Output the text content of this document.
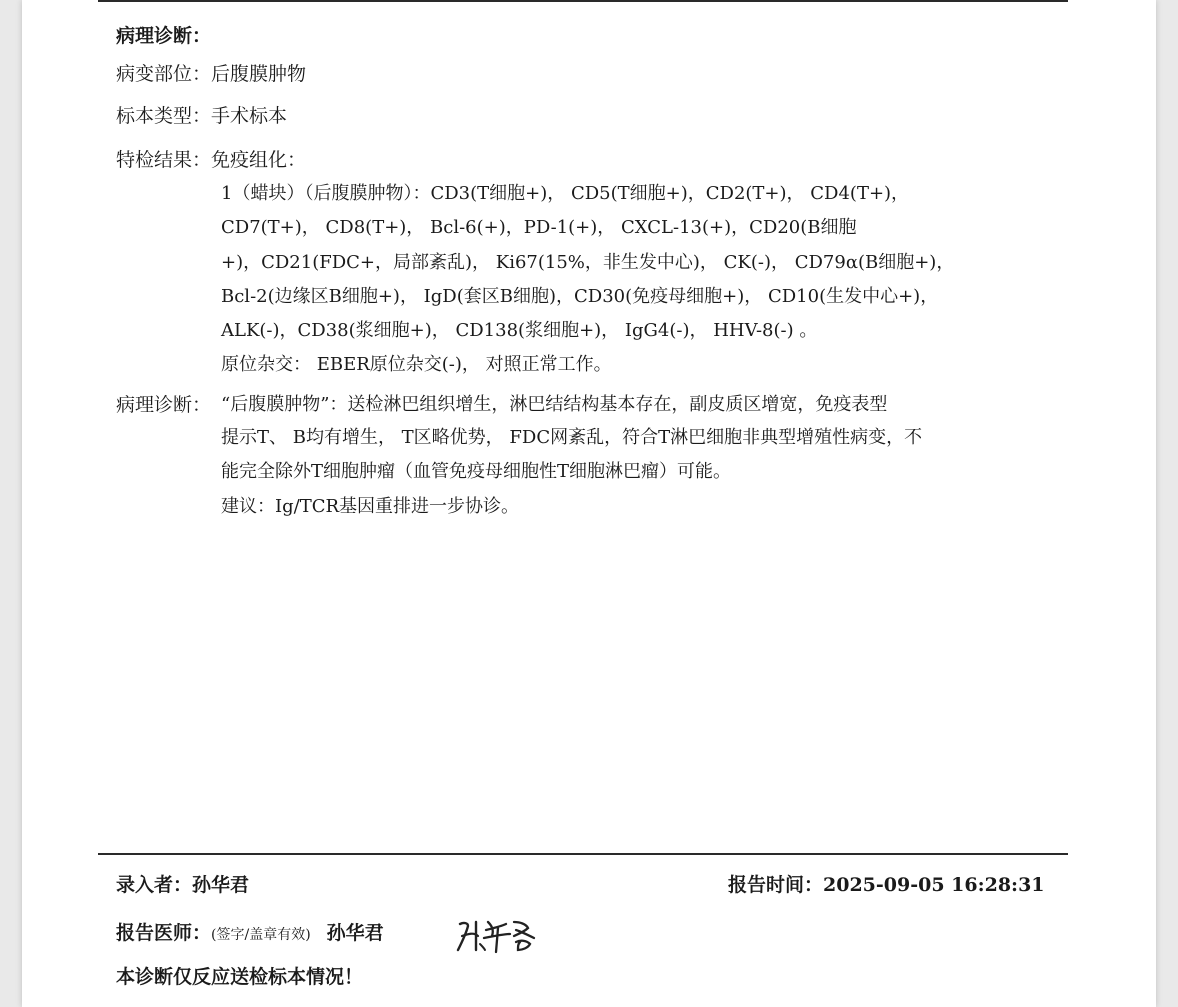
病理诊断：
病变部位：后腹膜肿物
标本类型：手术标本
特检结果：免疫组化：
1（蜡块）（后腹膜肿物）：CD3(T细胞+)， CD5(T细胞+)，CD2(T+)， CD4(T+)，
CD7(T+)， CD8(T+)， Bcl-6(+)，PD-1(+)， CXCL-13(+)，CD20(B细胞
+)，CD21(FDC+，局部紊乱)， Ki67(15%，非生发中心)， CK(-)， CD79α(B细胞+)，
Bcl-2(边缘区B细胞+)， IgD(套区B细胞)，CD30(免疫母细胞+)， CD10(生发中心+)，
ALK(-)，CD38(浆细胞+)， CD138(浆细胞+)， IgG4(-)， HHV-8(-) 。
原位杂交： EBER原位杂交(-)， 对照正常工作。
病理诊断： “后腹膜肿物”：送检淋巴组织增生，淋巴结结构基本存在，副皮质区增宽，免疫表型
提示T、 B均有增生， T区略优势， FDC网紊乱，符合T淋巴细胞非典型增殖性病变，不
能完全除外T细胞肿瘤（血管免疫母细胞性T细胞淋巴瘤）可能。
建议：Ig/TCR基因重排进一步协诊。
录入者：孙华君	报告时间：2025-09-05 16:28:31
报告医师：(签字/盖章有效) 孙华君
本诊断仅反应送检标本情况！
